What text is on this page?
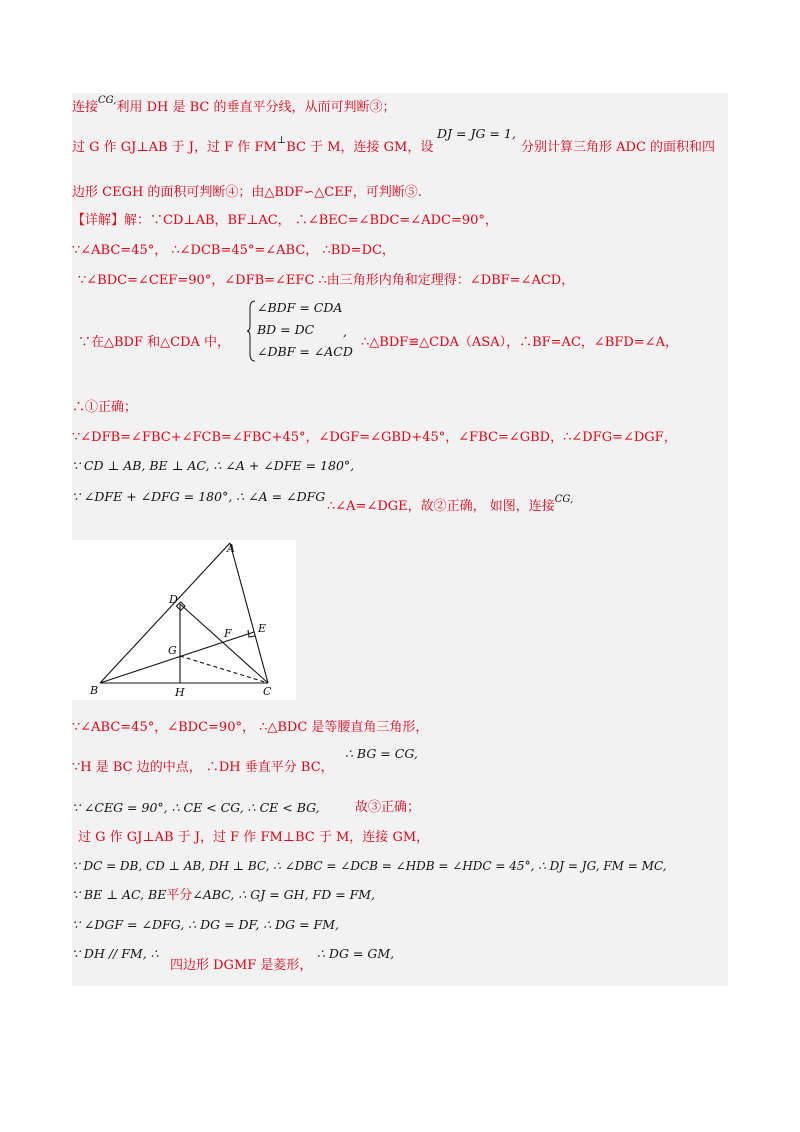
连接$^{CG,}$利用 DH 是 BC 的垂直平分线，从而可判断③；
过 G 作 GJ⊥AB 于 J，过 F 作 FM⊥BC 于 M，连接 GM，设
DJ = JG = 1,
分别计算三角形 ADC 的面积和四
边形 CEGH 的面积可判断④；由△BDF∽△CEF，可判断⑤.
【详解】解：∵CD⊥AB，BF⊥AC， ∴∠BEC=∠BDC=∠ADC=90°，
∵∠ABC=45°， ∴∠DCB=45°=∠ABC， ∴BD=DC，
∵∠BDC=∠CEF=90°，∠DFB=∠EFC ∴由三角形内角和定理得：∠DBF=∠ACD，
∵在△BDF 和△CDA 中，
∠BDF = CDA
BD = DC
∠DBF = ∠ACD
,
∴△BDF≌△CDA（ASA），∴BF=AC，∠BFD=∠A，
∴①正确；
∵∠DFB=∠FBC+∠FCB=∠FBC+45°，∠DGF=∠GBD+45°，∠FBC=∠GBD，∴∠DFG=∠DGF，
∵ CD ⊥ AB, BE ⊥ AC, ∴ ∠A + ∠DFE = 180°,
∵ ∠DFE + ∠DFG = 180°, ∴ ∠A = ∠DFG
∴∠A=∠DGE，故②正确， 如图，连接$^{CG,}$
A
B	C
D
E
F
G
H
∵∠ABC=45°，∠BDC=90°， ∴△BDC 是等腰直角三角形，
∴ BG = CG,
∵H 是 BC 边的中点， ∴DH 垂直平分 BC，
∵ ∠CEG = 90°, ∴ CE < CG, ∴ CE < BG,	故③正确；
过 G 作 GJ⊥AB 于 J，过 F 作 FM⊥BC 于 M，连接 GM，
∵ DC = DB, CD ⊥ AB, DH ⊥ BC, ∴ ∠DBC = ∠DCB = ∠HDB = ∠HDC = 45°, ∴ DJ = JG, FM = MC,
∵ BE ⊥ AC, BE平分∠ABC, ∴ GJ = GH, FD = FM,
∵ ∠DGF = ∠DFG, ∴ DG = DF, ∴ DG = FM,
∵ DH // FM, ∴
四边形 DGMF 是菱形，
∴ DG = GM,
